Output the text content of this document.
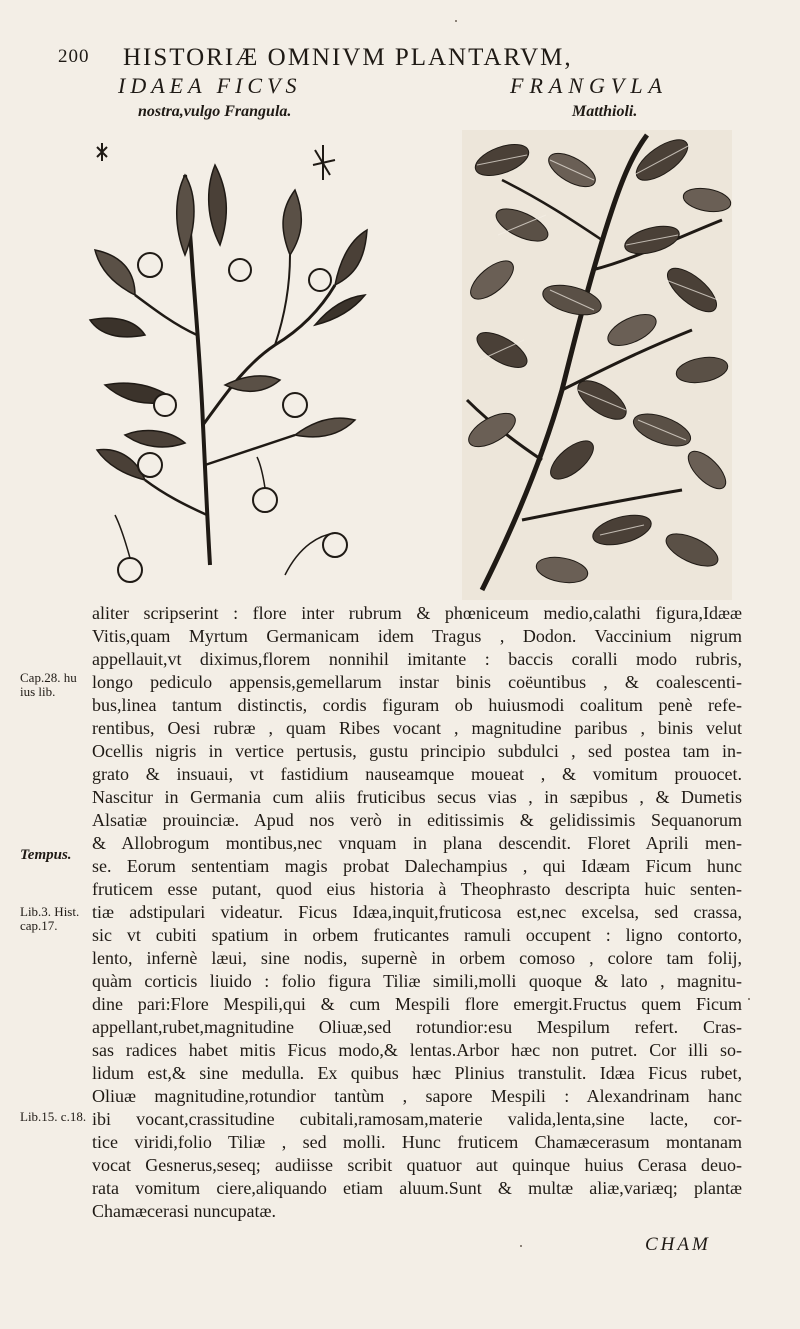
200 HISTORIÆ OMNIVM PLANTARVM,
IDAEA FICVS
nostra,vulgo Frangula.
FRANGVLA
Matthioli.
aliter scripserint : flore inter rubrum & phœniceum medio,calathi figura,Idææ
Vitis,quam Myrtum Germanicam idem Tragus , Dodon. Vaccinium nigrum
appellauit,vt diximus,florem nonnihil imitante : baccis coralli modo rubris,
longo pediculo appensis,gemellarum instar binis coëuntibus , & coalescenti-
bus,linea tantum distinctis, cordis figuram ob huiusmodi coalitum penè refe-
rentibus, Oesi rubræ , quam Ribes vocant , magnitudine paribus , binis velut
Ocellis nigris in vertice pertusis, gustu principio subdulci , sed postea tam in-
grato & insuaui, vt fastidium nauseamque moueat , & vomitum prouocet.
Nascitur in Germania cum aliis fruticibus secus vias , in sæpibus , & Dumetis
Alsatiæ prouinciæ. Apud nos verò in editissimis & gelidissimis Sequanorum
& Allobrogum montibus,nec vnquam in plana descendit. Floret Aprili men-
se. Eorum sententiam magis probat Dalechampius , qui Idæam Ficum hunc
fruticem esse putant, quod eius historia à Theophrasto descripta huic senten-
tiæ adstipulari videatur. Ficus Idæa,inquit,fruticosa est,nec excelsa, sed crassa,
sic vt cubiti spatium in orbem fruticantes ramuli occupent : ligno contorto,
lento, infernè læui, sine nodis, supernè in orbem comoso , colore tam folij,
quàm corticis liuido : folio figura Tiliæ simili,molli quoque & lato , magnitu-
dine pari:Flore Mespili,qui & cum Mespili flore emergit.Fructus quem Ficum
appellant,rubet,magnitudine Oliuæ,sed rotundior:esu Mespilum refert. Cras-
sas radices habet mitis Ficus modo,& lentas.Arbor hæc non putret. Cor illi so-
lidum est,& sine medulla. Ex quibus hæc Plinius transtulit. Idæa Ficus rubet,
Oliuæ magnitudine,rotundior tantùm , sapore Mespili : Alexandrinam hanc
ibi vocant,crassitudine cubitali,ramosam,materie valida,lenta,sine lacte, cor-
tice viridi,folio Tiliæ , sed molli. Hunc fruticem Chamæcerasum montanam
vocat Gesnerus,seseq; audiisse scribit quatuor aut quinque huius Cerasa deuo-
rata vomitum ciere,aliquando etiam aluum.Sunt & multæ aliæ,variæq; plantæ
Chamæcerasi nuncupatæ.
Cap.28. hu
ius lib.
Tempus.
Lib.3. Hist.
cap.17.
Lib.15. c.18.
CHAM
